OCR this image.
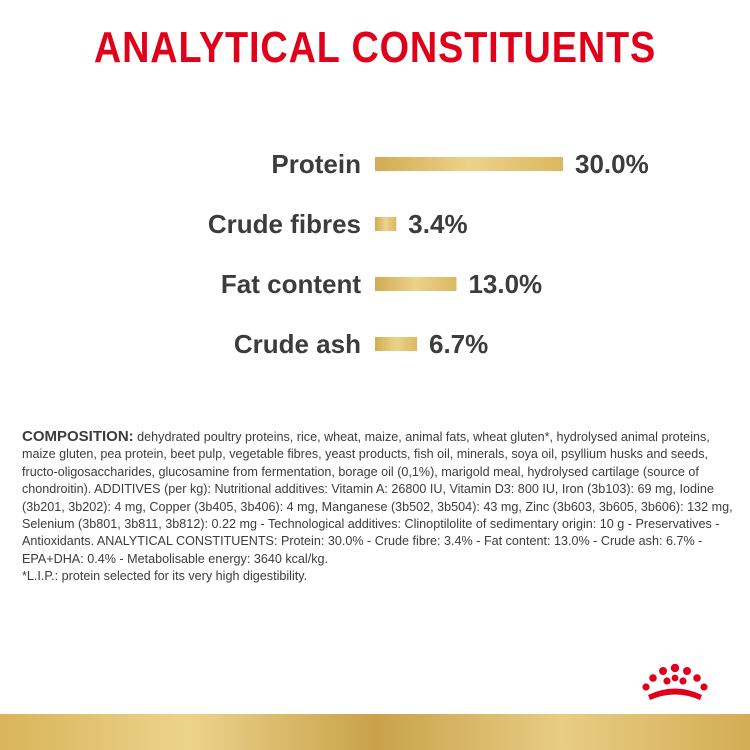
ANALYTICAL CONSTITUENTS
Protein	30.0%
Crude fibres 3.4%
Fat content	13.0%
Crude ash	6.7%

COMPOSITION: dehydrated poultry proteins, rice, wheat, maize, animal fats, wheat gluten*, hydrolysed animal proteins, maize gluten, pea protein, beet pulp, vegetable fibres, yeast products, fish oil, minerals, soya oil, psyllium husks and seeds, fructo-oligosaccharides, glucosamine from fermentation, borage oil (0,1%), marigold meal, hydrolysed cartilage (source of chondroitin). ADDITIVES (per kg): Nutritional additives: Vitamin A: 26800 IU, Vitamin D3: 800 IU, Iron (3b103): 69 mg, Iodine (3b201, 3b202): 4 mg, Copper (3b405, 3b406): 4 mg, Manganese (3b502, 3b504): 43 mg, Zinc (3b603, 3b605, 3b606): 132 mg, Selenium (3b801, 3b811, 3b812): 0.22 mg - Technological additives: Clinoptilolite of sedimentary origin: 10 g - Preservatives - Antioxidants. ANALYTICAL CONSTITUENTS: Protein: 30.0% - Crude fibre: 3.4% - Fat content: 13.0% - Crude ash: 6.7% - EPA+DHA: 0.4% - Metabolisable energy: 3640 kcal/kg.

*L.I.P.: protein selected for its very high digestibility.
